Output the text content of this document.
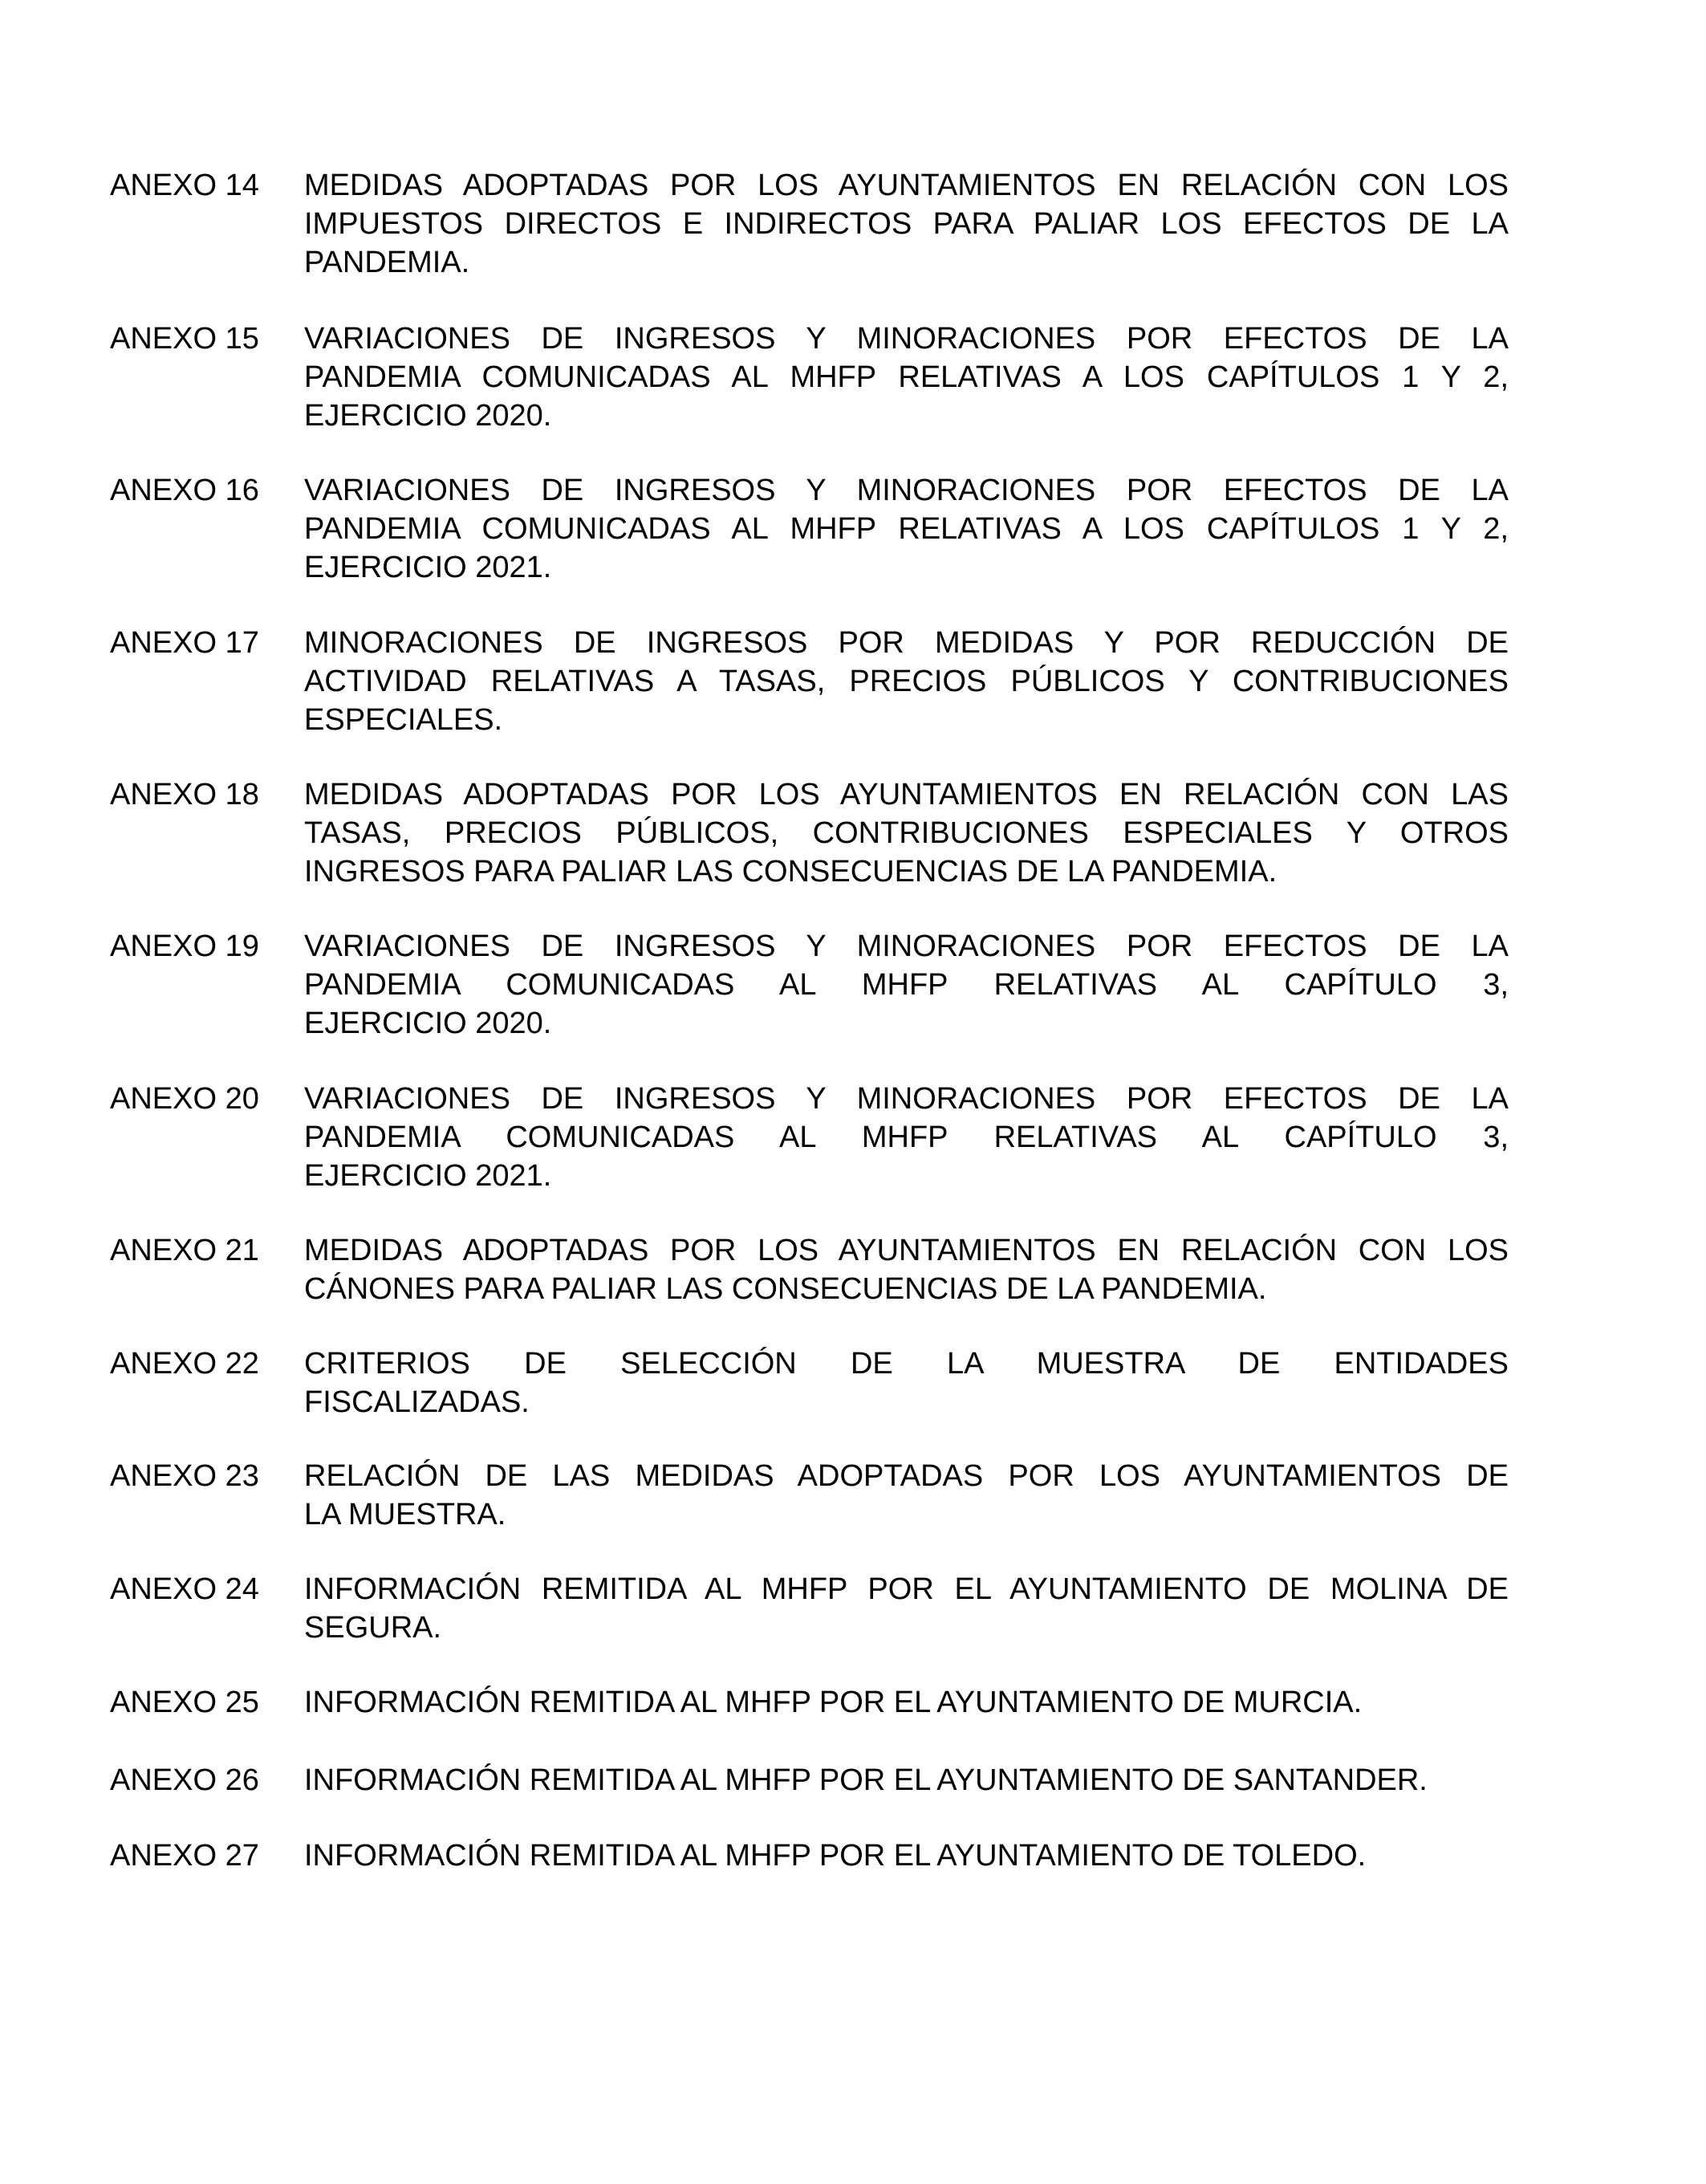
ANEXO 14 MEDIDAS ADOPTADAS POR LOS AYUNTAMIENTOS EN RELACIÓN CON LOS
IMPUESTOS DIRECTOS E INDIRECTOS PARA PALIAR LOS EFECTOS DE LA
PANDEMIA.
ANEXO 15 VARIACIONES DE INGRESOS Y MINORACIONES POR EFECTOS DE LA
PANDEMIA COMUNICADAS AL MHFP RELATIVAS A LOS CAPÍTULOS 1 Y 2,
EJERCICIO 2020.
ANEXO 16 VARIACIONES DE INGRESOS Y MINORACIONES POR EFECTOS DE LA
PANDEMIA COMUNICADAS AL MHFP RELATIVAS A LOS CAPÍTULOS 1 Y 2,
EJERCICIO 2021.
ANEXO 17 MINORACIONES DE INGRESOS POR MEDIDAS Y POR REDUCCIÓN DE
ACTIVIDAD RELATIVAS A TASAS, PRECIOS PÚBLICOS Y CONTRIBUCIONES
ESPECIALES.
ANEXO 18 MEDIDAS ADOPTADAS POR LOS AYUNTAMIENTOS EN RELACIÓN CON LAS
TASAS, PRECIOS PÚBLICOS, CONTRIBUCIONES ESPECIALES Y OTROS
INGRESOS PARA PALIAR LAS CONSECUENCIAS DE LA PANDEMIA.
ANEXO 19 VARIACIONES DE INGRESOS Y MINORACIONES POR EFECTOS DE LA
PANDEMIA COMUNICADAS AL MHFP RELATIVAS AL CAPÍTULO 3,
EJERCICIO 2020.
ANEXO 20 VARIACIONES DE INGRESOS Y MINORACIONES POR EFECTOS DE LA
PANDEMIA COMUNICADAS AL MHFP RELATIVAS AL CAPÍTULO 3,
EJERCICIO 2021.
ANEXO 21 MEDIDAS ADOPTADAS POR LOS AYUNTAMIENTOS EN RELACIÓN CON LOS
CÁNONES PARA PALIAR LAS CONSECUENCIAS DE LA PANDEMIA.
ANEXO 22 CRITERIOS DE SELECCIÓN DE LA MUESTRA DE ENTIDADES
FISCALIZADAS.
ANEXO 23 RELACIÓN DE LAS MEDIDAS ADOPTADAS POR LOS AYUNTAMIENTOS DE
LA MUESTRA.
ANEXO 24 INFORMACIÓN REMITIDA AL MHFP POR EL AYUNTAMIENTO DE MOLINA DE
SEGURA.
ANEXO 25 INFORMACIÓN REMITIDA AL MHFP POR EL AYUNTAMIENTO DE MURCIA.
ANEXO 26 INFORMACIÓN REMITIDA AL MHFP POR EL AYUNTAMIENTO DE SANTANDER.
ANEXO 27 INFORMACIÓN REMITIDA AL MHFP POR EL AYUNTAMIENTO DE TOLEDO.
